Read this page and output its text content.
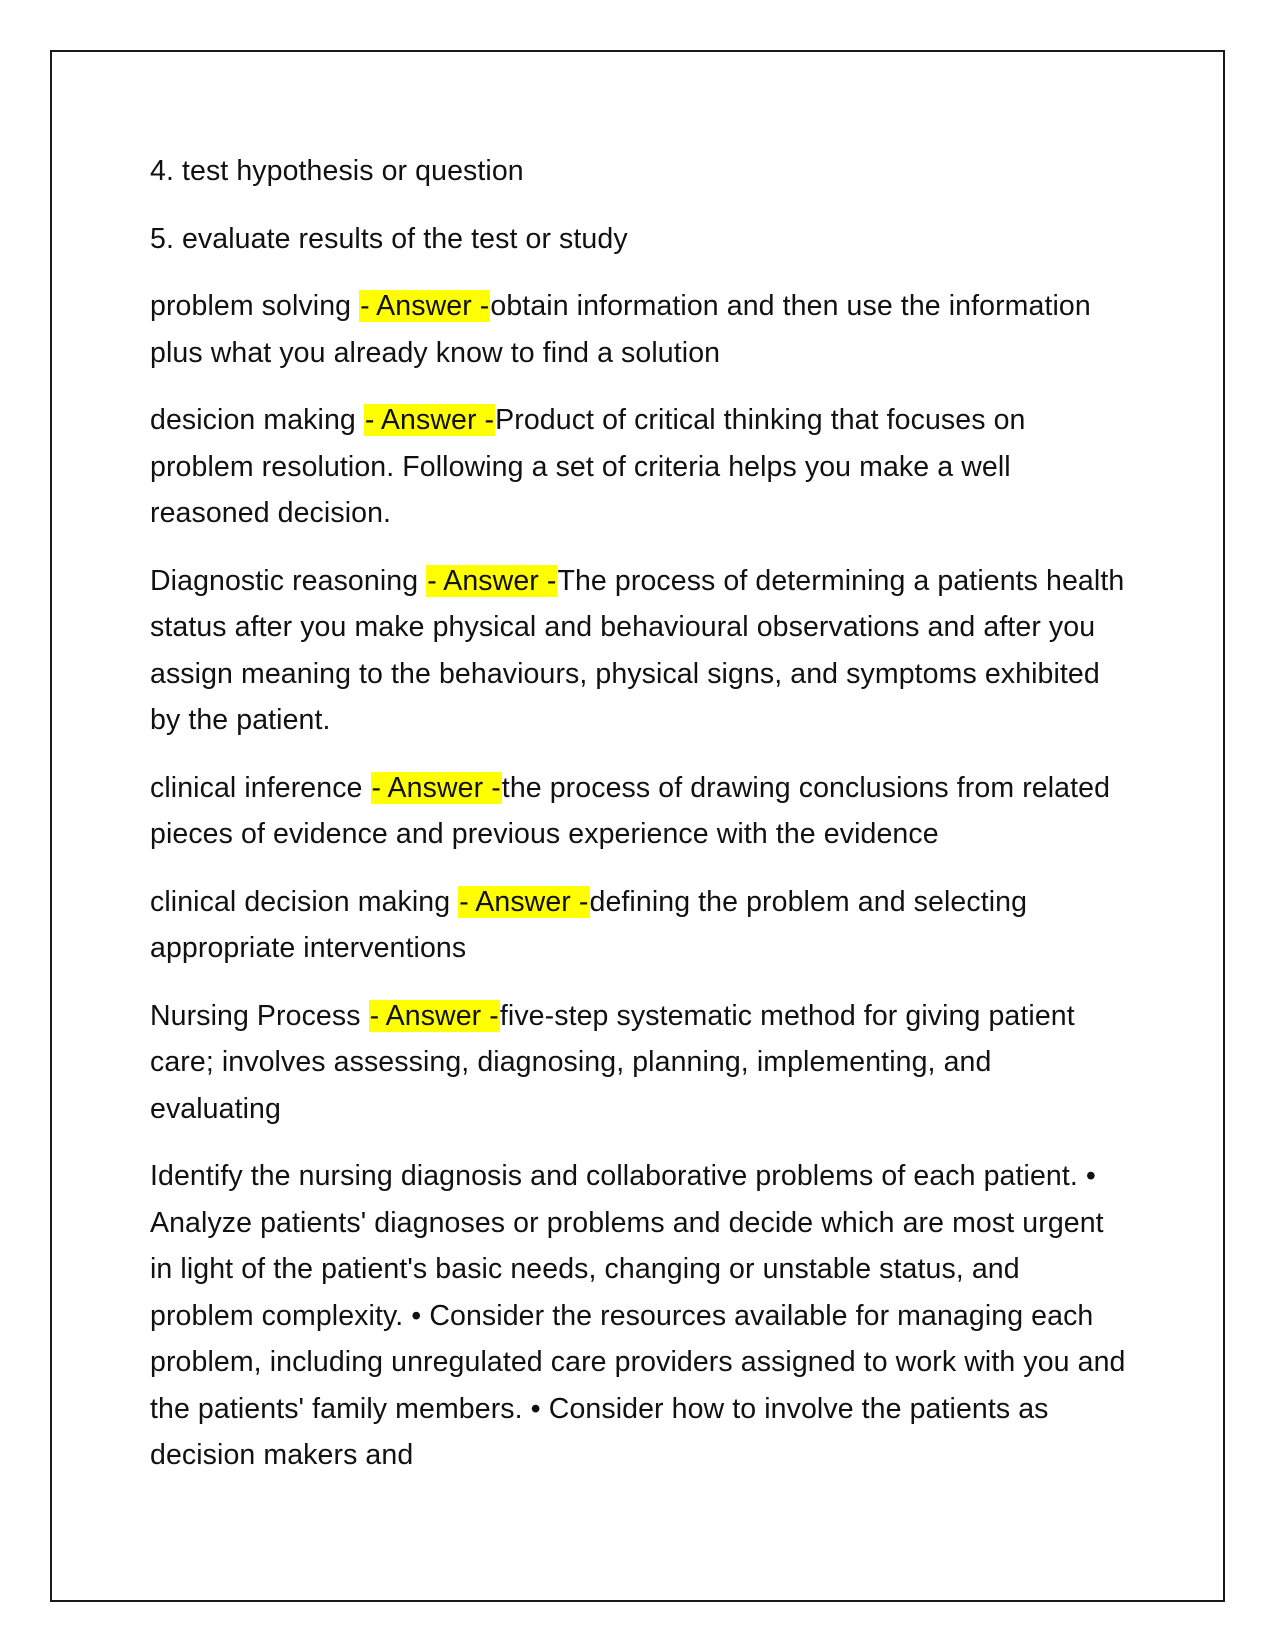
4. test hypothesis or question

5. evaluate results of the test or study

problem solving - Answer -obtain information and then use the information plus what you already know to find a solution

desicion making - Answer -Product of critical thinking that focuses on problem resolution. Following a set of criteria helps you make a well reasoned decision.

Diagnostic reasoning - Answer -The process of determining a patients health status after you make physical and behavioural observations and after you assign meaning to the behaviours, physical signs, and symptoms exhibited by the patient.

clinical inference - Answer -the process of drawing conclusions from related pieces of evidence and previous experience with the evidence

clinical decision making - Answer -defining the problem and selecting appropriate interventions

Nursing Process - Answer -five-step systematic method for giving patient care; involves assessing, diagnosing, planning, implementing, and evaluating

Identify the nursing diagnosis and collaborative problems of each patient. • Analyze patients' diagnoses or problems and decide which are most urgent in light of the patient's basic needs, changing or unstable status, and problem complexity. • Consider the resources available for managing each problem, including unregulated care providers assigned to work with you and the patients' family members. • Consider how to involve the patients as decision makers and
